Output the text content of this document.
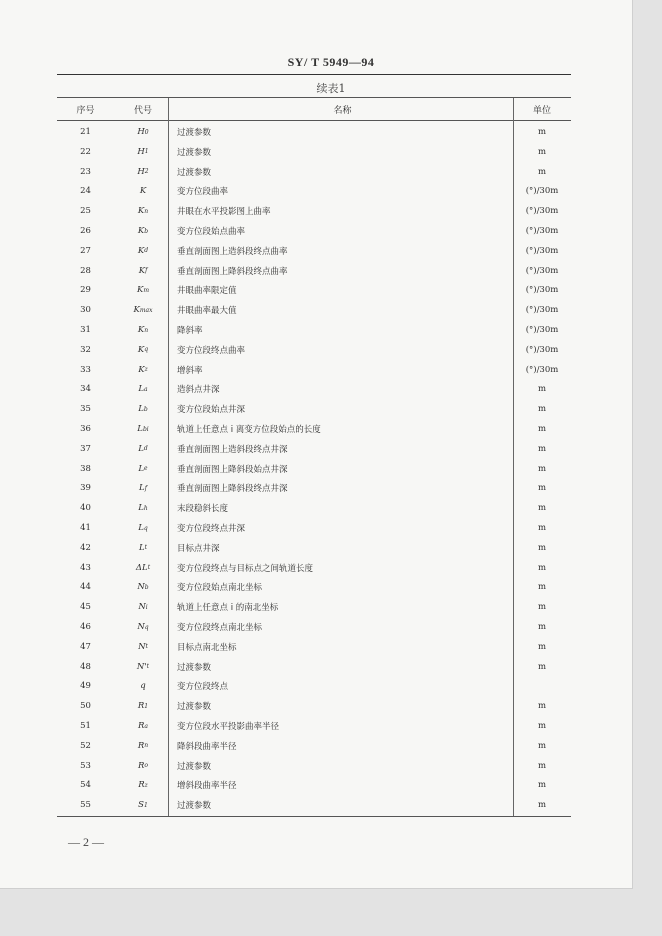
SY/ T 5949—94
续表1
序号	代号	名称	单位
21	H 0	过渡参数	m
22	H 1	过渡参数	m
23	H 2	过渡参数	m
24	K	变方位段曲率	(°)/30m
25	K n	井眼在水平投影图上曲率	(°)/30m
26	K b	变方位段始点曲率	(°)/30m
27	K d	垂直剖面图上造斜段终点曲率	(°)/30m
28	K f	垂直剖面图上降斜段终点曲率	(°)/30m
29	K m	井眼曲率限定值	(°)/30m
30	K max	井眼曲率最大值	(°)/30m
31	K n	降斜率	(°)/30m
32	K q	变方位段终点曲率	(°)/30m
33	K z	增斜率	(°)/30m
34	L a	造斜点井深	m
35	L b	变方位段始点井深	m
36	L bi	轨道上任意点 i 离变方位段始点的长度	m
37	L d	垂直剖面图上造斜段终点井深	m
38	L e	垂直剖面图上降斜段始点井深	m
39	L f	垂直剖面图上降斜段终点井深	m
40	L h	末段稳斜长度	m
41	L q	变方位段终点井深	m
42	L t	目标点井深	m
43	ΔL t	变方位段终点与目标点之间轨道长度	m
44	N b	变方位段始点南北坐标	m
45	N i	轨道上任意点 i 的南北坐标	m
46	N q	变方位段终点南北坐标	m
47	N t	目标点南北坐标	m
48	N' t	过渡参数	m
49	q	变方位段终点
50	R 1	过渡参数	m
51	R a	变方位段水平投影曲率半径	m
52	R n	降斜段曲率半径	m
53	R o	过渡参数	m
54	R z	增斜段曲率半径	m
55	S 1	过渡参数	m
— 2 —
